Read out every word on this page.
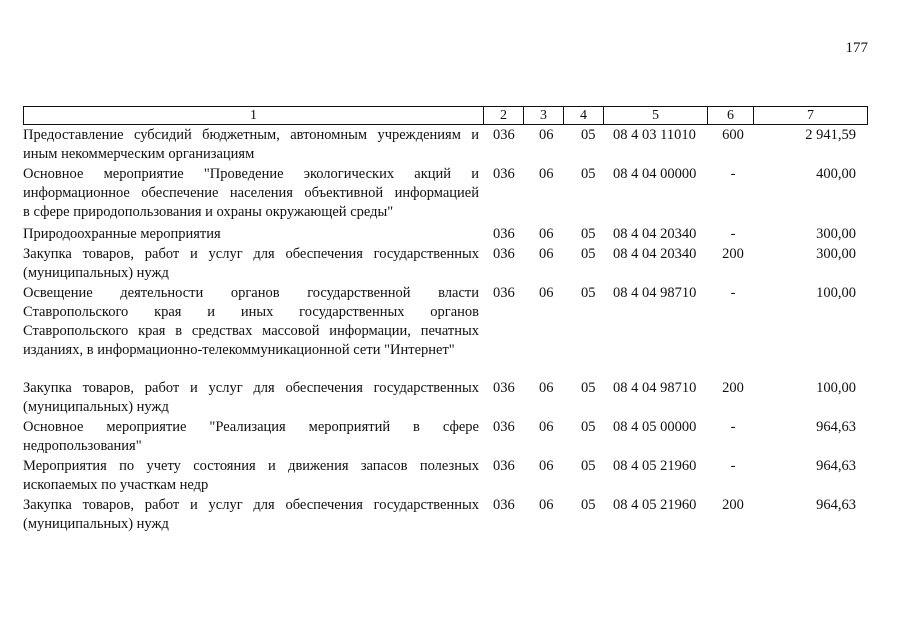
177
1	2	3	4	5	6	7
Предоставление субсидий бюджетным, автономным учреждениям и
иным некоммерческим организациям
036 06	05	08 4 03 11010	600	2 941,59
Основное мероприятие "Проведение экологических акций и
информационное обеспечение населения объективной информацией
в сфере природопользования и охраны окружающей среды"
036 06	05	08 4 04 00000	-	400,00
Природоохранные мероприятия	036 06	05	08 4 04 20340	-	300,00
Закупка товаров, работ и услуг для обеспечения государственных
(муниципальных) нужд
036 06	05	08 4 04 20340	200	300,00
Освещение деятельности органов государственной власти
Ставропольского края и иных государственных органов
Ставропольского края в средствах массовой информации, печатных
изданиях, в информационно-телекоммуникационной сети "Интернет"
036 06	05	08 4 04 98710	-	100,00
Закупка товаров, работ и услуг для обеспечения государственных
(муниципальных) нужд
036 06	05	08 4 04 98710	200	100,00
Основное мероприятие "Реализация мероприятий в сфере
недропользования"
036 06	05	08 4 05 00000	-	964,63
Мероприятия по учету состояния и движения запасов полезных
ископаемых по участкам недр
036 06	05	08 4 05 21960	-	964,63
Закупка товаров, работ и услуг для обеспечения государственных
(муниципальных) нужд
036 06	05	08 4 05 21960	200	964,63
